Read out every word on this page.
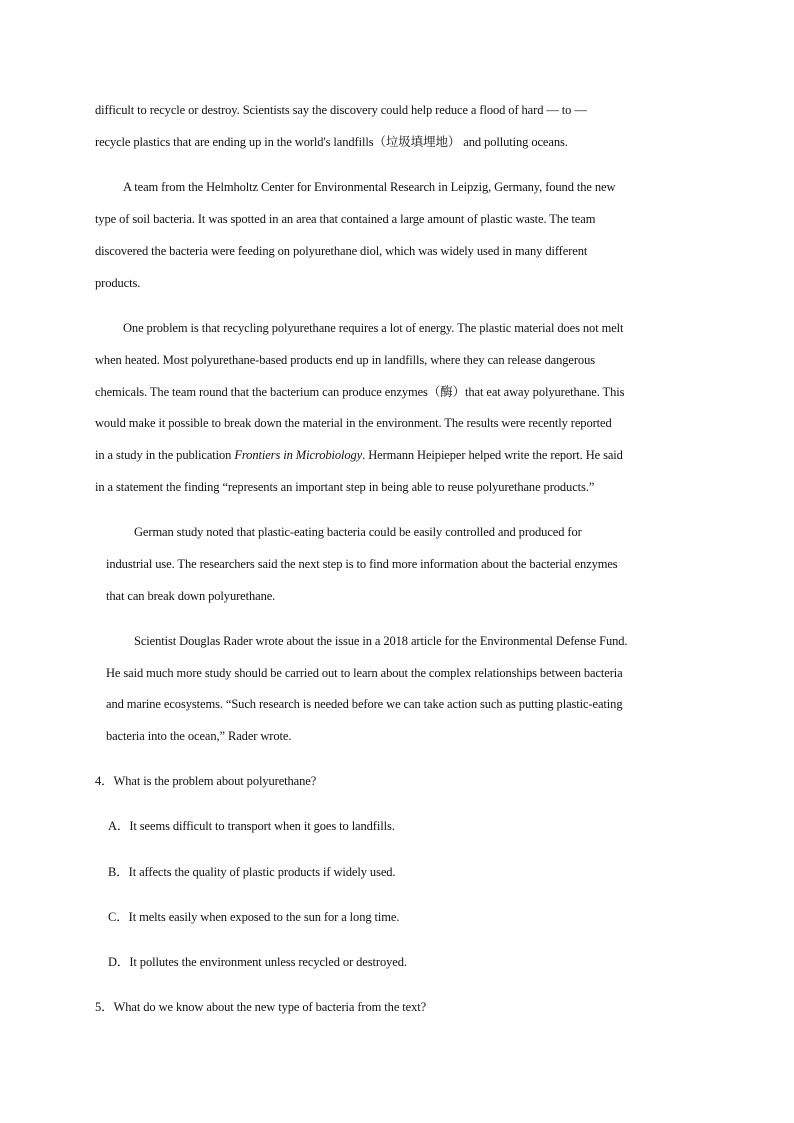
difficult to recycle or destroy. Scientists say the discovery could help reduce a flood of hard — to —
recycle plastics that are ending up in the world's landfills（垃圾填埋地） and polluting oceans.
A team from the Helmholtz Center for Environmental Research in Leipzig, Germany, found the new
type of soil bacteria. It was spotted in an area that contained a large amount of plastic waste. The team
discovered the bacteria were feeding on polyurethane diol, which was widely used in many different
products.
One problem is that recycling polyurethane requires a lot of energy. The plastic material does not melt
when heated. Most polyurethane-based products end up in landfills, where they can release dangerous
chemicals. The team round that the bacterium can produce enzymes（酶）that eat away polyurethane. This
would make it possible to break down the material in the environment. The results were recently reported
in a study in the publication Frontiers in Microbiology. Hermann Heipieper helped write the report. He said
in a statement the finding “represents an important step in being able to reuse polyurethane products.”
German study noted that plastic-eating bacteria could be easily controlled and produced for
industrial use. The researchers said the next step is to find more information about the bacterial enzymes
that can break down polyurethane.
Scientist Douglas Rader wrote about the issue in a 2018 article for the Environmental Defense Fund.
He said much more study should be carried out to learn about the complex relationships between bacteria
and marine ecosystems. “Such research is needed before we can take action such as putting plastic-eating
bacteria into the ocean,” Rader wrote.
4．What is the problem about polyurethane?
A．It seems difficult to transport when it goes to landfills.
B．It affects the quality of plastic products if widely used.
C．It melts easily when exposed to the sun for a long time.
D．It pollutes the environment unless recycled or destroyed.
5．What do we know about the new type of bacteria from the text?
